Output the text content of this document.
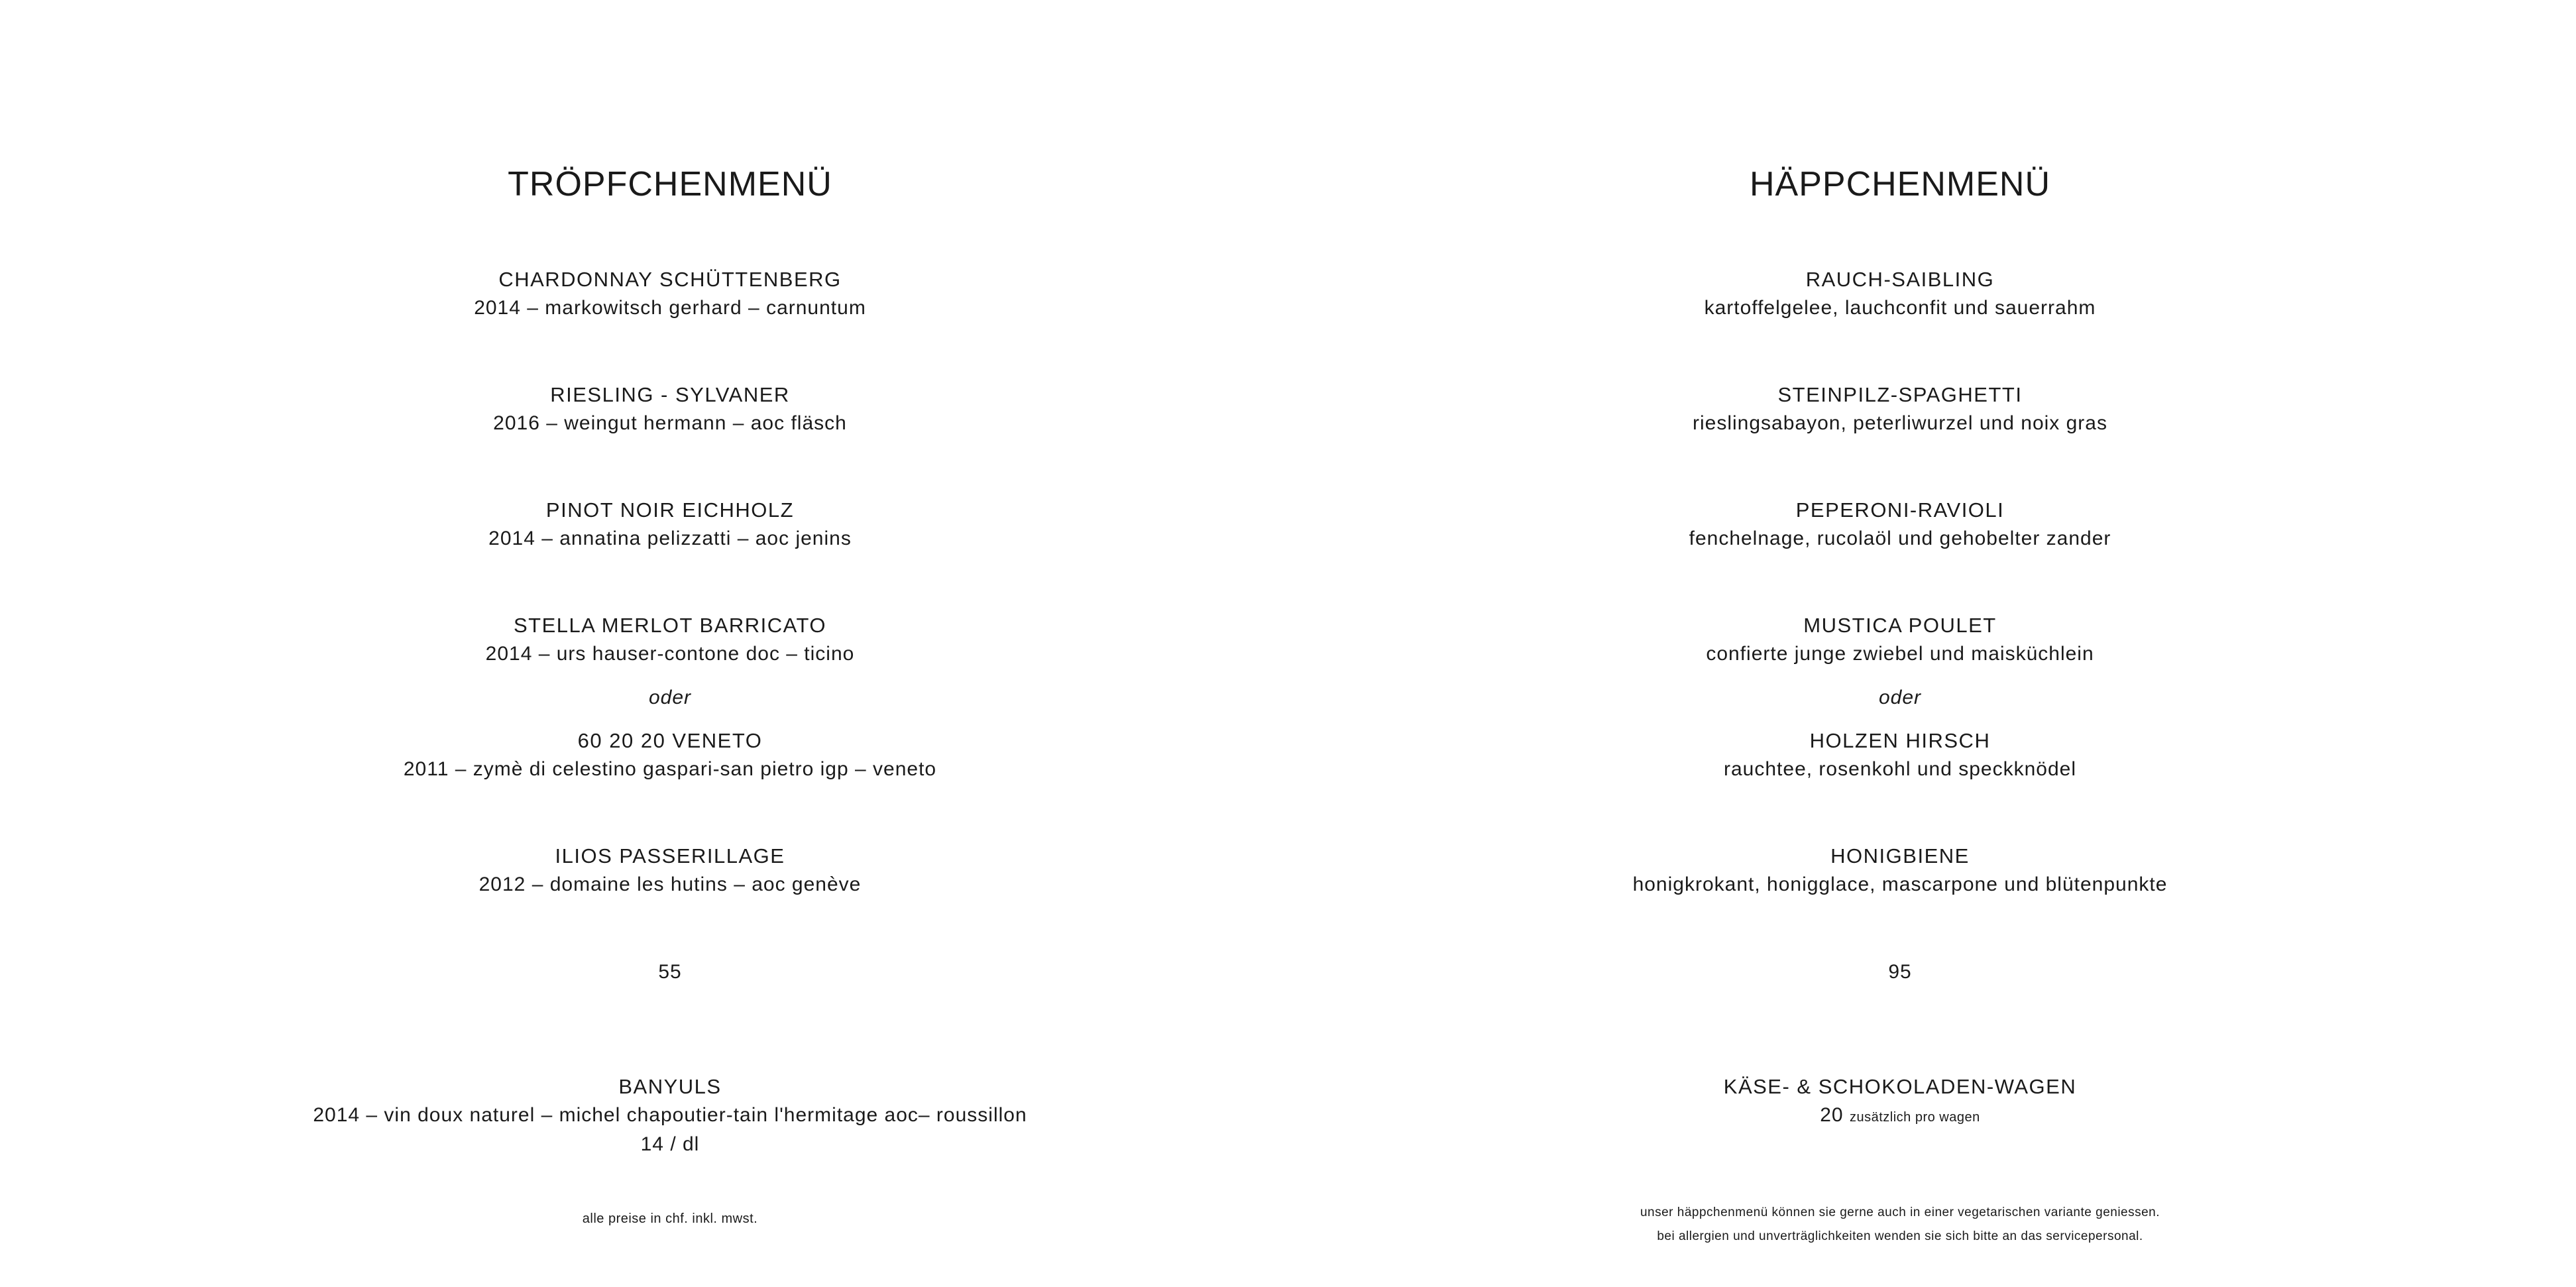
TRÖPFCHENMENÜ
CHARDONNAY SCHÜTTENBERG
2014 – markowitsch gerhard – carnuntum
RIESLING - SYLVANER
2016 – weingut hermann – aoc fläsch
PINOT NOIR EICHHOLZ
2014 – annatina pelizzatti – aoc jenins
STELLA MERLOT BARRICATO
2014 – urs hauser-contone doc – ticino
oder
60 20 20 VENETO
2011 – zymè di celestino gaspari-san pietro igp – veneto
ILIOS PASSERILLAGE
2012 – domaine les hutins – aoc genève
55
BANYULS
2014 – vin doux naturel – michel chapoutier-tain l'hermitage aoc– roussillon
14 / dl
alle preise in chf. inkl. mwst.
HÄPPCHENMENÜ
RAUCH-SAIBLING
kartoffelgelee, lauchconfit und sauerrahm
STEINPILZ-SPAGHETTI
rieslingsabayon, peterliwurzel und noix gras
PEPERONI-RAVIOLI
fenchelnage, rucolaöl und gehobelter zander
MUSTICA POULET
confierte junge zwiebel und maisküchlein
oder
HOLZEN HIRSCH
rauchtee, rosenkohl und speckknödel
HONIGBIENE
honigkrokant, honigglace, mascarpone und blütenpunkte
95
KÄSE- & SCHOKOLADEN-WAGEN
20 zusätzlich pro wagen
unser häppchenmenü können sie gerne auch in einer vegetarischen variante geniessen.
bei allergien und unverträglichkeiten wenden sie sich bitte an das servicepersonal.
